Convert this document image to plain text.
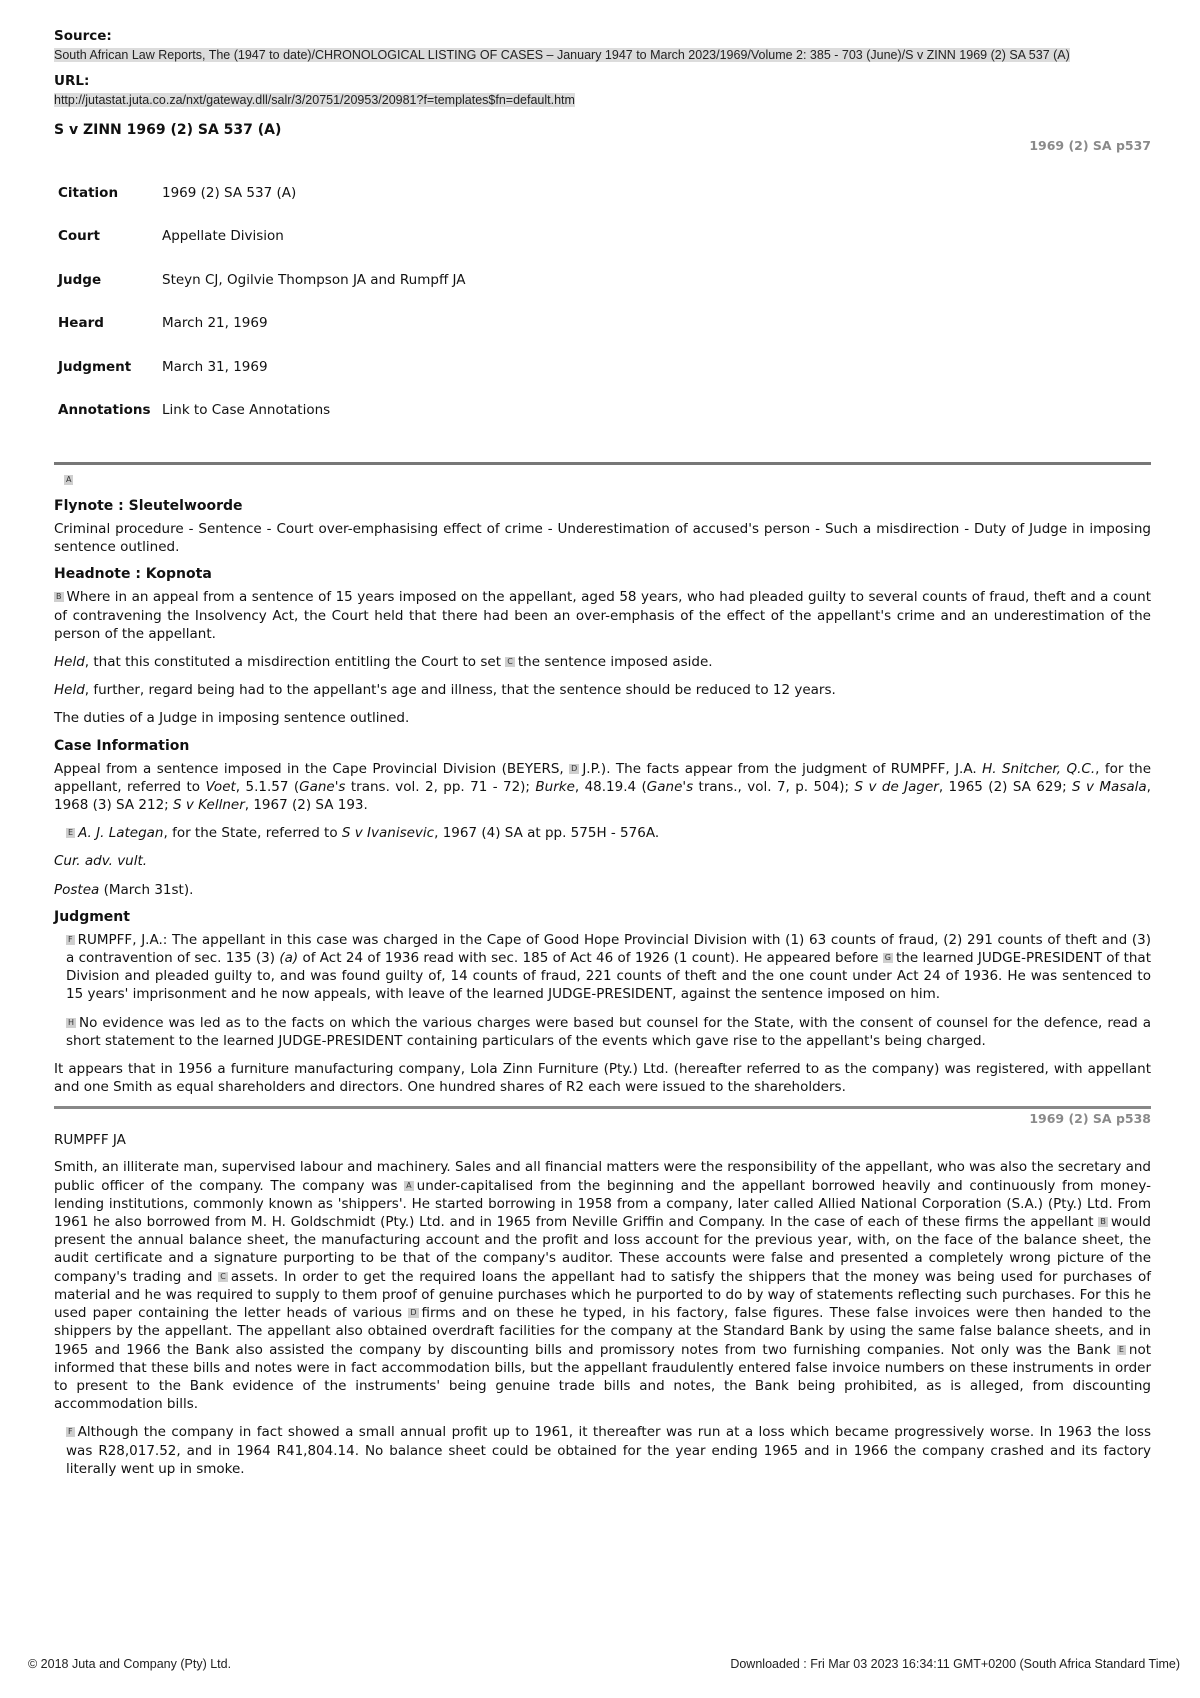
Source:
South African Law Reports, The (1947 to date)/CHRONOLOGICAL LISTING OF CASES – January 1947 to March 2023/1969/Volume 2: 385 - 703 (June)/S v ZINN 1969 (2) SA 537 (A)
URL:
http://jutastat.juta.co.za/nxt/gateway.dll/salr/3/20751/20953/20981?f=templates$fn=default.htm
S v ZINN 1969 (2) SA 537 (A)
1969 (2) SA p537
Citation	1969 (2) SA 537 (A)
Court	Appellate Division
Judge	Steyn CJ, Ogilvie Thompson JA and Rumpff JA
Heard	March 21, 1969
Judgment	March 31, 1969
Annotations	Link to Case Annotations
A
Flynote : Sleutelwoorde

Criminal procedure - Sentence - Court over-emphasising effect of crime - Underestimation of accused's person - Such a misdirection - Duty of Judge in imposing sentence outlined.

Headnote : Kopnota

B Where in an appeal from a sentence of 15 years imposed on the appellant, aged 58 years, who had pleaded guilty to several counts of fraud, theft and a count of contravening the Insolvency Act, the Court held that there had been an over-emphasis of the effect of the appellant's crime and an underestimation of the person of the appellant.

Held, that this constituted a misdirection entitling the Court to set C the sentence imposed aside.

Held, further, regard being had to the appellant's age and illness, that the sentence should be reduced to 12 years.

The duties of a Judge in imposing sentence outlined.

Case Information

Appeal from a sentence imposed in the Cape Provincial Division (BEYERS, D J.P.). The facts appear from the judgment of RUMPFF, J.A. H. Snitcher, Q.C., for the appellant, referred to Voet, 5.1.57 (Gane's trans. vol. 2, pp. 71 - 72); Burke, 48.19.4 (Gane's trans., vol. 7, p. 504); S v de Jager, 1965 (2) SA 629; S v Masala, 1968 (3) SA 212; S v Kellner, 1967 (2) SA 193.

E A. J. Lategan, for the State, referred to S v Ivanisevic, 1967 (4) SA at pp. 575H - 576A.

Cur. adv. vult.

Postea (March 31st).

Judgment

F RUMPFF, J.A.: The appellant in this case was charged in the Cape of Good Hope Provincial Division with (1) 63 counts of fraud, (2) 291 counts of theft and (3) a contravention of sec. 135 (3) (a) of Act 24 of 1936 read with sec. 185 of Act 46 of 1926 (1 count). He appeared before G the learned JUDGE-PRESIDENT of that Division and pleaded guilty to, and was found guilty of, 14 counts of fraud, 221 counts of theft and the one count under Act 24 of 1936. He was sentenced to 15 years' imprisonment and he now appeals, with leave of the learned JUDGE-PRESIDENT, against the sentence imposed on him.

H No evidence was led as to the facts on which the various charges were based but counsel for the State, with the consent of counsel for the defence, read a short statement to the learned JUDGE-PRESIDENT containing particulars of the events which gave rise to the appellant's being charged.

It appears that in 1956 a furniture manufacturing company, Lola Zinn Furniture (Pty.) Ltd. (hereafter referred to as the company) was registered, with appellant and one Smith as equal shareholders and directors. One hundred shares of R2 each were issued to the shareholders.

1969 (2) SA p538
RUMPFF JA

Smith, an illiterate man, supervised labour and machinery. Sales and all financial matters were the responsibility of the appellant, who was also the secretary and public officer of the company. The company was A under-capitalised from the beginning and the appellant borrowed heavily and continuously from money-lending institutions, commonly known as 'shippers'. He started borrowing in 1958 from a company, later called Allied National Corporation (S.A.) (Pty.) Ltd. From 1961 he also borrowed from M. H. Goldschmidt (Pty.) Ltd. and in 1965 from Neville Griffin and Company. In the case of each of these firms the appellant B would present the annual balance sheet, the manufacturing account and the profit and loss account for the previous year, with, on the face of the balance sheet, the audit certificate and a signature purporting to be that of the company's auditor. These accounts were false and presented a completely wrong picture of the company's trading and C assets. In order to get the required loans the appellant had to satisfy the shippers that the money was being used for purchases of material and he was required to supply to them proof of genuine purchases which he purported to do by way of statements reflecting such purchases. For this he used paper containing the letter heads of various D firms and on these he typed, in his factory, false figures. These false invoices were then handed to the shippers by the appellant. The appellant also obtained overdraft facilities for the company at the Standard Bank by using the same false balance sheets, and in 1965 and 1966 the Bank also assisted the company by discounting bills and promissory notes from two furnishing companies. Not only was the Bank E not informed that these bills and notes were in fact accommodation bills, but the appellant fraudulently entered false invoice numbers on these instruments in order to present to the Bank evidence of the instruments' being genuine trade bills and notes, the Bank being prohibited, as is alleged, from discounting accommodation bills.

F Although the company in fact showed a small annual profit up to 1961, it thereafter was run at a loss which became progressively worse. In 1963 the loss was R28,017.52, and in 1964 R41,804.14. No balance sheet could be obtained for the year ending 1965 and in 1966 the company crashed and its factory literally went up in smoke.

© 2018 Juta and Company (Pty) Ltd.	Downloaded : Fri Mar 03 2023 16:34:11 GMT+0200 (South Africa Standard Time)
